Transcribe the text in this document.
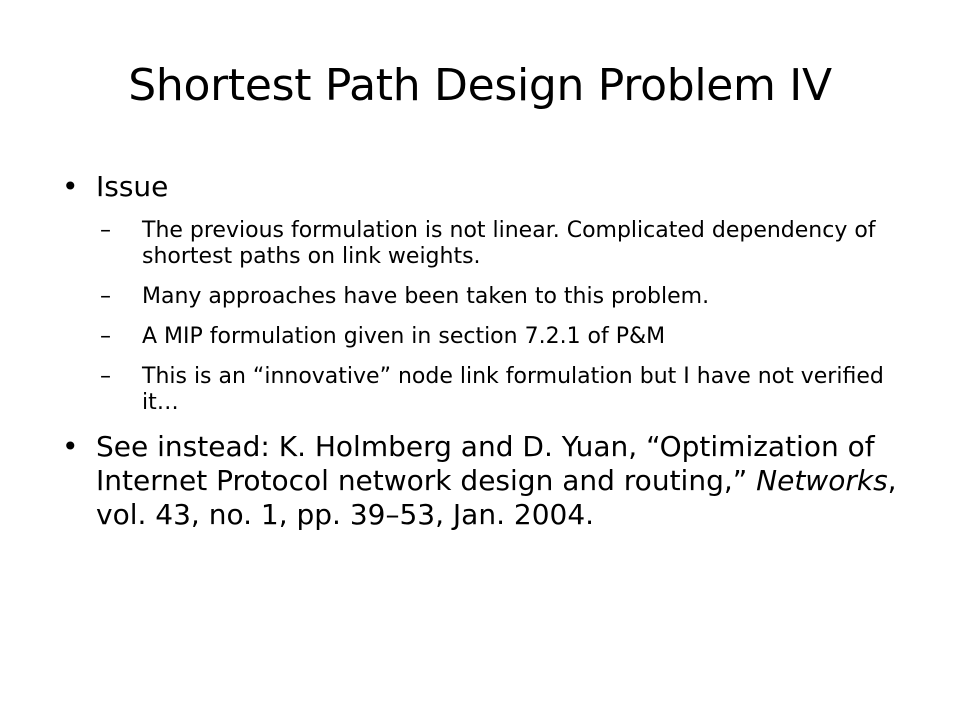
Shortest Path Design Problem IV
• Issue
– The previous formulation is not linear. Complicated dependency of shortest paths on link weights.
– Many approaches have been taken to this problem.
– A MIP formulation given in section 7.2.1 of P&M
– This is an “innovative” node link formulation but I have not verified it…
• See instead: K. Holmberg and D. Yuan, “Optimization of Internet Protocol network design and routing,” Networks, vol. 43, no. 1, pp. 39–53, Jan. 2004.
